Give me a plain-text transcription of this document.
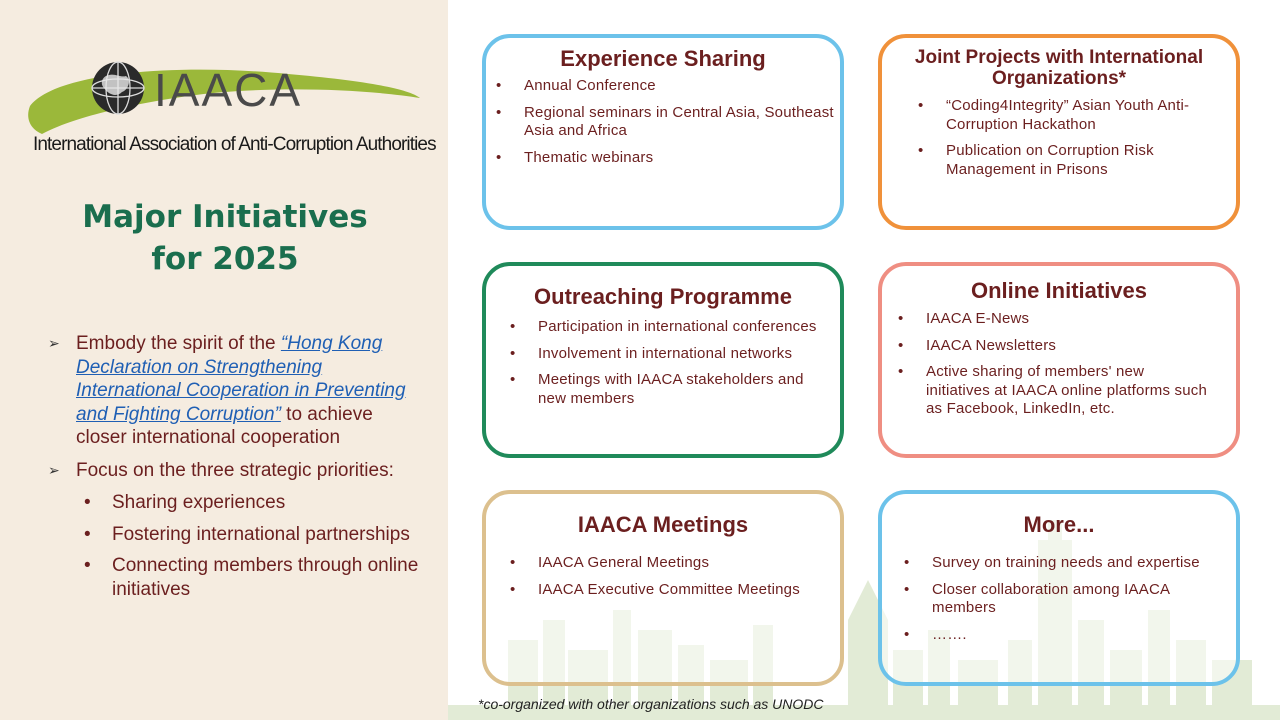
IAACA
International Association of Anti-Corruption Authorities
Major Initiatives
for 2025
➢ Embody the spirit of the “Hong Kong Declaration on Strengthening International Cooperation in Preventing and Fighting Corruption” to achieve closer international cooperation
➢ Focus on the three strategic priorities:
• Sharing experiences
• Fostering international partnerships
• Connecting members through online initiatives
Experience Sharing
• Annual Conference
• Regional seminars in Central Asia, Southeast Asia and Africa
• Thematic webinars
Joint Projects with International Organizations*
• “Coding4Integrity” Asian Youth Anti-Corruption Hackathon
• Publication on Corruption Risk Management in Prisons
Outreaching Programme
• Participation in international conferences
• Involvement in international networks
• Meetings with IAACA stakeholders and new members
Online Initiatives
• IAACA E-News
• IAACA Newsletters
• Active sharing of members' new initiatives at IAACA online platforms such as Facebook, LinkedIn, etc.
IAACA Meetings
• IAACA General Meetings
• IAACA Executive Committee Meetings
More...
• Survey on training needs and expertise
• Closer collaboration among IAACA members
• …….
*co-organized with other organizations such as UNODC
